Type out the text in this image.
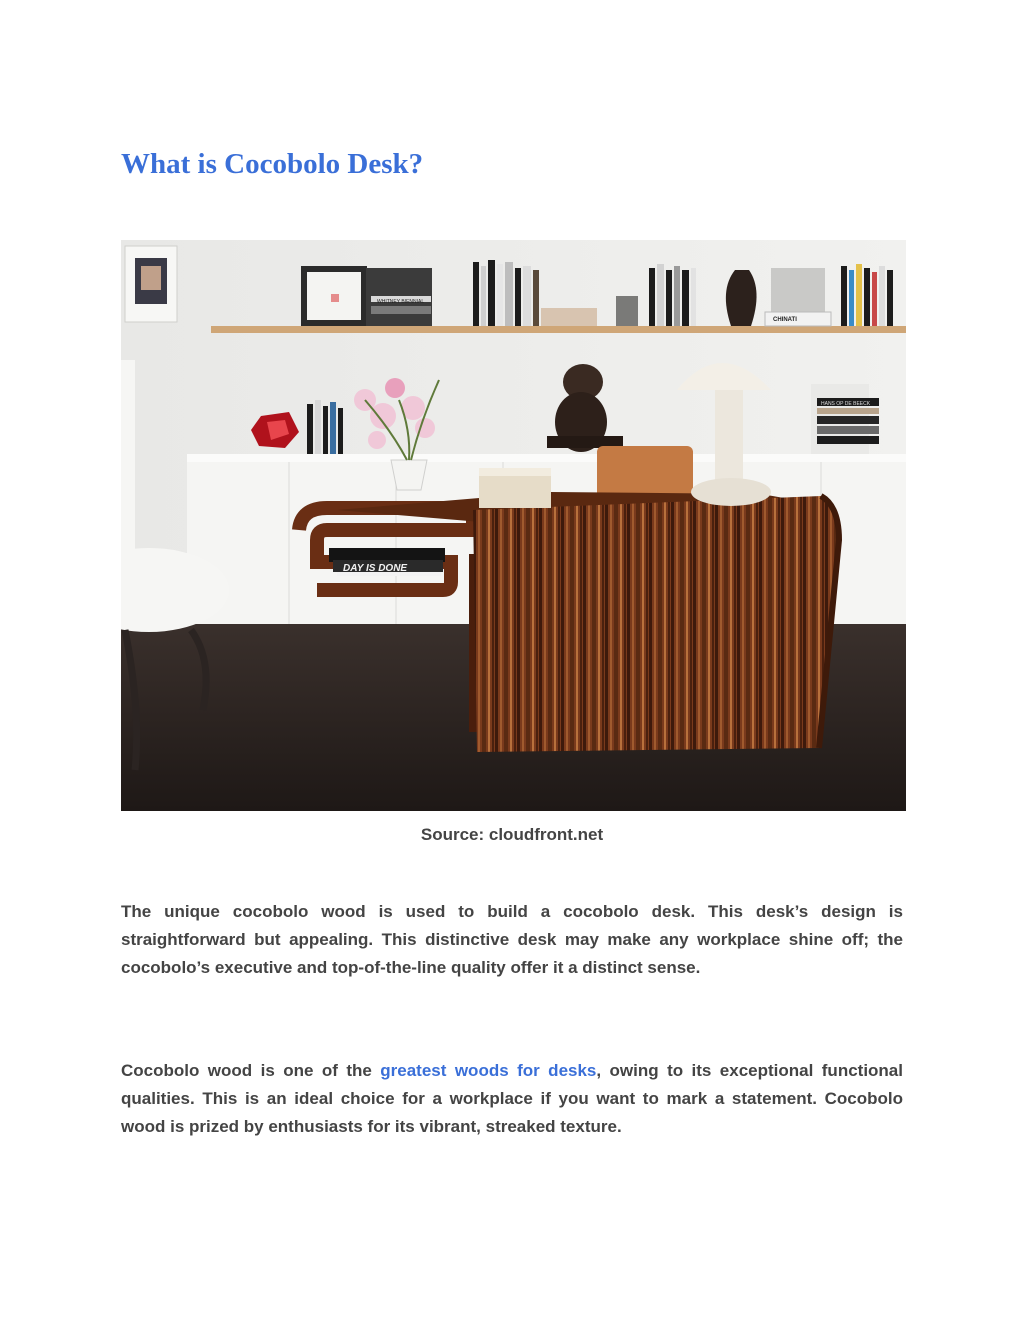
What is Cocobolo Desk?
WHITNEY BIENNIAL
CHINATI
HANS OP DE BEECK
DAY IS DONE
Source: cloudfront.net

The unique cocobolo wood is used to build a cocobolo desk. This desk’s design is straightforward but appealing. This distinctive desk may make any workplace shine off; the cocobolo’s executive and top-of-the-line quality offer it a distinct sense.

Cocobolo wood is one of the greatest woods for desks, owing to its exceptional functional qualities. This is an ideal choice for a workplace if you want to mark a statement. Cocobolo wood is prized by enthusiasts for its vibrant, streaked texture.
